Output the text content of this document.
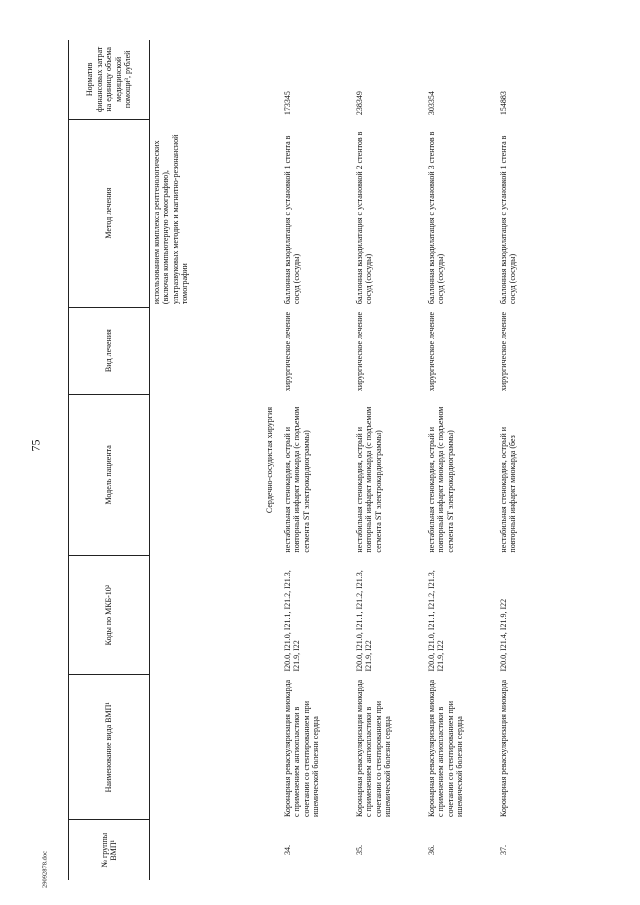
75
№ группы ВМП¹	Наименование вида ВМП¹	Коды по МКБ-10²	Модель пациента	Вид лечения	Метод лечения	Норматив финансовых затрат на единицу объема медицинской помощи³, рублей
					использованием комплекса рентгенологических (включая компьютерную томографию), ультразвуковых методик и магнитно-резонансной томографии	
Сердечно-сосудистая хирургия						
34.	Коронарная реваскуляризация миокарда с применением ангиопластики в сочетании со стентированием при ишемической болезни сердца	I20.0, I21.0, I21.1, I21.2, I21.3, I21.9, I22	нестабильная стенокардия, острый и повторный инфаркт миокарда (с подъемом сегмента ST электрокардиограммы)	хирургическое лечение	баллонная вазодилатация с установкой 1 стента в сосуд (сосуды)	173345
35.	Коронарная реваскуляризация миокарда с применением ангиопластики в сочетании со стентированием при ишемической болезни сердца	I20.0, I21.0, I21.1, I21.2, I21.3, I21.9, I22	нестабильная стенокардия, острый и повторный инфаркт миокарда (с подъемом сегмента ST электрокардиограммы)	хирургическое лечение	баллонная вазодилатация с установкой 2 стентов в сосуд (сосуды)	238349
36.	Коронарная реваскуляризация миокарда с применением ангиопластики в сочетании со стентированием при ишемической болезни сердца	I20.0, I21.0, I21.1, I21.2, I21.3, I21.9, I22	нестабильная стенокардия, острый и повторный инфаркт миокарда (с подъемом сегмента ST электрокардиограммы)	хирургическое лечение	баллонная вазодилатация с установкой 3 стентов в сосуд (сосуды)	303354
37.	Коронарная реваскуляризация миокарда	I20.0, I21.4, I21.9, I22	нестабильная стенокардия, острый и повторный инфаркт миокарда (без	хирургическое лечение	баллонная вазодилатация с установкой 1 стента в сосуд (сосуды)	154883
29092878.doc
